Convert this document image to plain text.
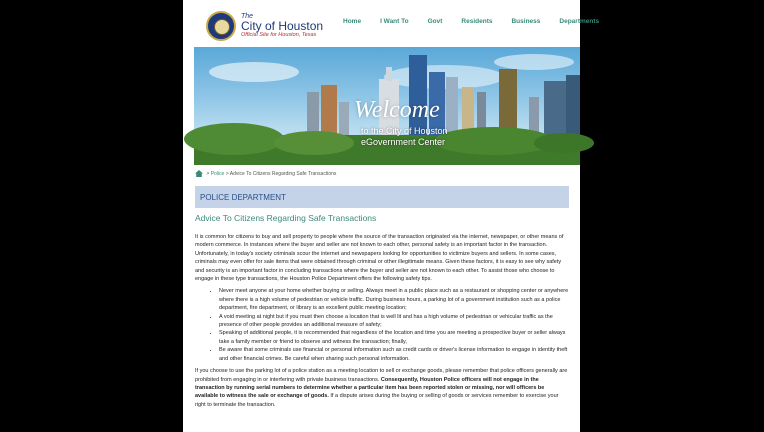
The
City of Houston
Official Site for Houston, Texas
Home	I Want To	Govt	Residents	Business	Departments
Welcome
to the City of Houston
eGovernment Center
> Police > Advice To Citizens Regarding Safe Transactions
POLICE DEPARTMENT
Advice To Citizens Regarding Safe Transactions

It is common for citizens to buy and sell property to people where the source of the transaction originated via the internet, newspaper, or other means of modern commerce. In instances where the buyer and seller are not known to each other, personal safety is an important factor in the transaction. Unfortunately, in today's society criminals scour the internet and newspapers looking for opportunities to victimize buyers and sellers. In some cases, criminals may even offer for sale items that were obtained through criminal or other illegitimate means. Given these factors, it is easy to see why safety and security is an important factor in concluding transactions where the buyer and seller are not known to each other. To assist those who choose to engage in these type transactions, the Houston Police Department offers the following safety tips.

• Never meet anyone at your home whether buying or selling. Always meet in a public place such as a restaurant or shopping center or anywhere where there is a high volume of pedestrian or vehicle traffic. During business hours, a parking lot of a government institution such as a police department, fire department, or library is an excellent public meeting location;
• A void meeting at night but if you must then choose a location that is well lit and has a high volume of pedestrian or vehicular traffic as the presence of other people provides an additional measure of safety;
• Speaking of additional people, it is recommended that regardless of the location and time you are meeting a prospective buyer or seller always take a family member or friend to observe and witness the transaction; finally,
• Be aware that some criminals use financial or personal information such as credit cards or driver's license information to engage in identity theft and other financial crimes. Be careful when sharing such personal information.

If you choose to use the parking lot of a police station as a meeting location to sell or exchange goods, please remember that police officers generally are prohibited from engaging in or interfering with private business transactions. Consequently, Houston Police officers will not engage in the transaction by running serial numbers to determine whether a particular item has been reported stolen or missing, nor will officers be available to witness the sale or exchange of goods. If a dispute arises during the buying or selling of goods or services remember to exercise your right to terminate the transaction.
